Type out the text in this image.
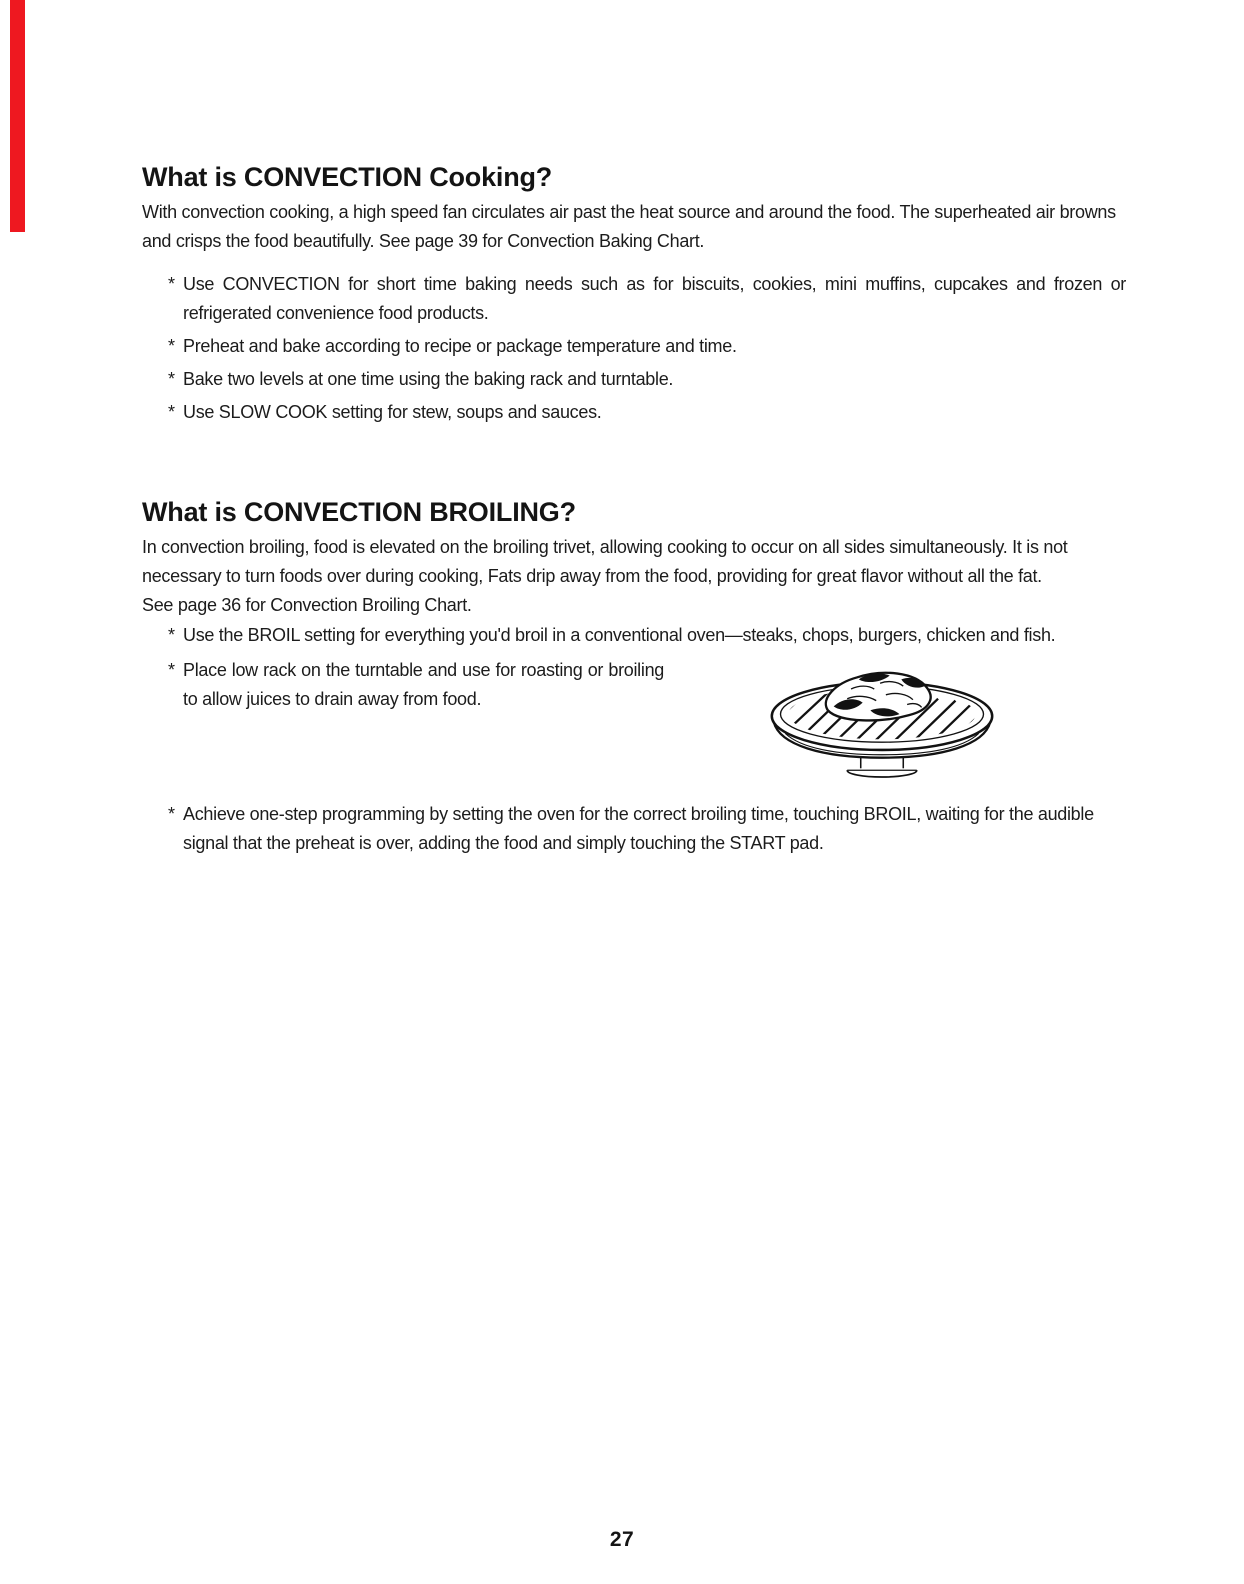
What is CONVECTION Cooking?
With convection cooking, a high speed fan circulates air past the heat source and around the food. The superheated air browns and crisps the food beautifully. See page 39 for Convection Baking Chart.
* Use CONVECTION for short time baking needs such as for biscuits, cookies, mini muffins, cupcakes and frozen or refrigerated convenience food products.
* Preheat and bake according to recipe or package temperature and time.
* Bake two levels at one time using the baking rack and turntable.
* Use SLOW COOK setting for stew, soups and sauces.
What is CONVECTION BROILING?
In convection broiling, food is elevated on the broiling trivet, allowing cooking to occur on all sides simultaneously. It is not necessary to turn foods over during cooking, Fats drip away from the food, providing for great flavor without all the fat.
See page 36 for Convection Broiling Chart.
* Use the BROIL setting for everything you'd broil in a conventional oven—steaks, chops, burgers, chicken and fish.
* Place low rack on the turntable and use for roasting or broiling to allow juices to drain away from food.
* Achieve one-step programming by setting the oven for the correct broiling time, touching BROIL, waiting for the audible signal that the preheat is over, adding the food and simply touching the START pad.
27
